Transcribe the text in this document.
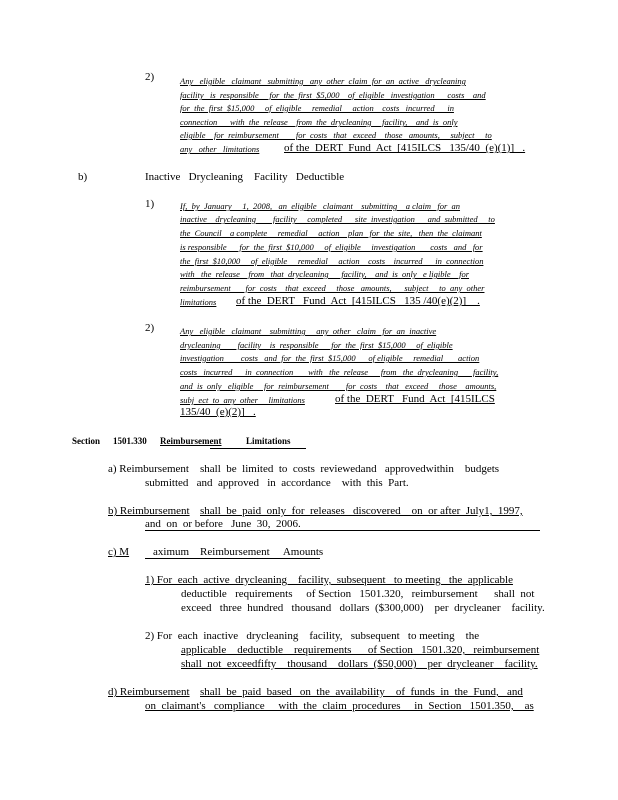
2)	Any   eligible   claimant   submitting   any  other  claim  for  an  active   drycleaning
facility   is  responsible     for  the  first  $5,000    of  eligible   investigation      costs    and
for  the  first  $15,000     of  eligible     remedial     action    costs   incurred      in
connection      with  the  release    from  the  drycleaning     facility,    and  is  only
eligible    for  reimbursement        for  costs   that   exceed    those   amounts,     subject     to
any   other   limitations of the  DERT  Fund  Act  [415ILCS   135/40  (e)(1)]   .
b)	Inactive   Drycleaning    Facility   Deductible
1)	If,  by  January     1,  2008,   an  eligible   claimant    submitting    a claim   for  an
inactive    drycleaning        facility     completed      site  investigation      and  submitted     to
the  Council    a complete     remedial     action    plan   for  the  site,   then  the  claimant
is responsible      for  the  first  $10,000     of  eligible     investigation       costs   and   for
the  first  $10,000     of  eligible     remedial     action    costs    incurred      in  connection
with   the  release    from   that  drycleaning      facility,    and  is  only   e ligible    for
reimbursement       for  costs    that  exceed     those   amounts,      subject     to  any  other
limitations of the  DERT   Fund  Act  [415ILCS   135 /40(e)(2)]    .
2)	Any   eligible   claimant    submitting     any  other   claim   for  an  inactive
drycleaning        facility    is  responsible      for  the  first  $15,000     of  eligible
investigation        costs   and  for  the  first  $15,000      of eligible     remedial       action
costs   incurred      in  connection       with   the  release      from   the  drycleaning       facility,
and  is  only   eligible     for  reimbursement        for  costs    that   exceed     those    amounts,
subj  ect  to  any  other     limitations	of the  DERT   Fund  Act  [415ILCS
135/40  (e)(2)]   .
Section 1501.330 Reimbursement	Limitations
a) Reimbursement shall  be  limited  to  costs  reviewedand   approvedwithin    budgets
submitted   and  approved   in  accordance    with  this  Part.
b) Reimbursement shall  be  paid  only  for  releases   discovered    on  or after  July1,  1997,
and  on  or before   June  30,  2006.
c) M aximum    Reimbursement     Amounts
1) For  each  active  drycleaning    facility,  subsequent   to meeting   the  applicable
deductible   requirements     of Section   1501.320,   reimbursement      shall  not
exceed   three  hundred   thousand   dollars  ($300,000)    per  drycleaner    facility.
2) For  each  inactive   drycleaning    facility,   subsequent   to meeting    the
applicable    deductible    requirements      of Section   1501.320,   reimbursement
shall  not  exceedfifty    thousand    dollars  ($50,000)    per  drycleaner    facility.
d) Reimbursement shall  be  paid  based   on  the  availability    of  funds  in  the  Fund,   and
on  claimant's   compliance     with  the  claim  procedures     in  Section   1501.350,    as
